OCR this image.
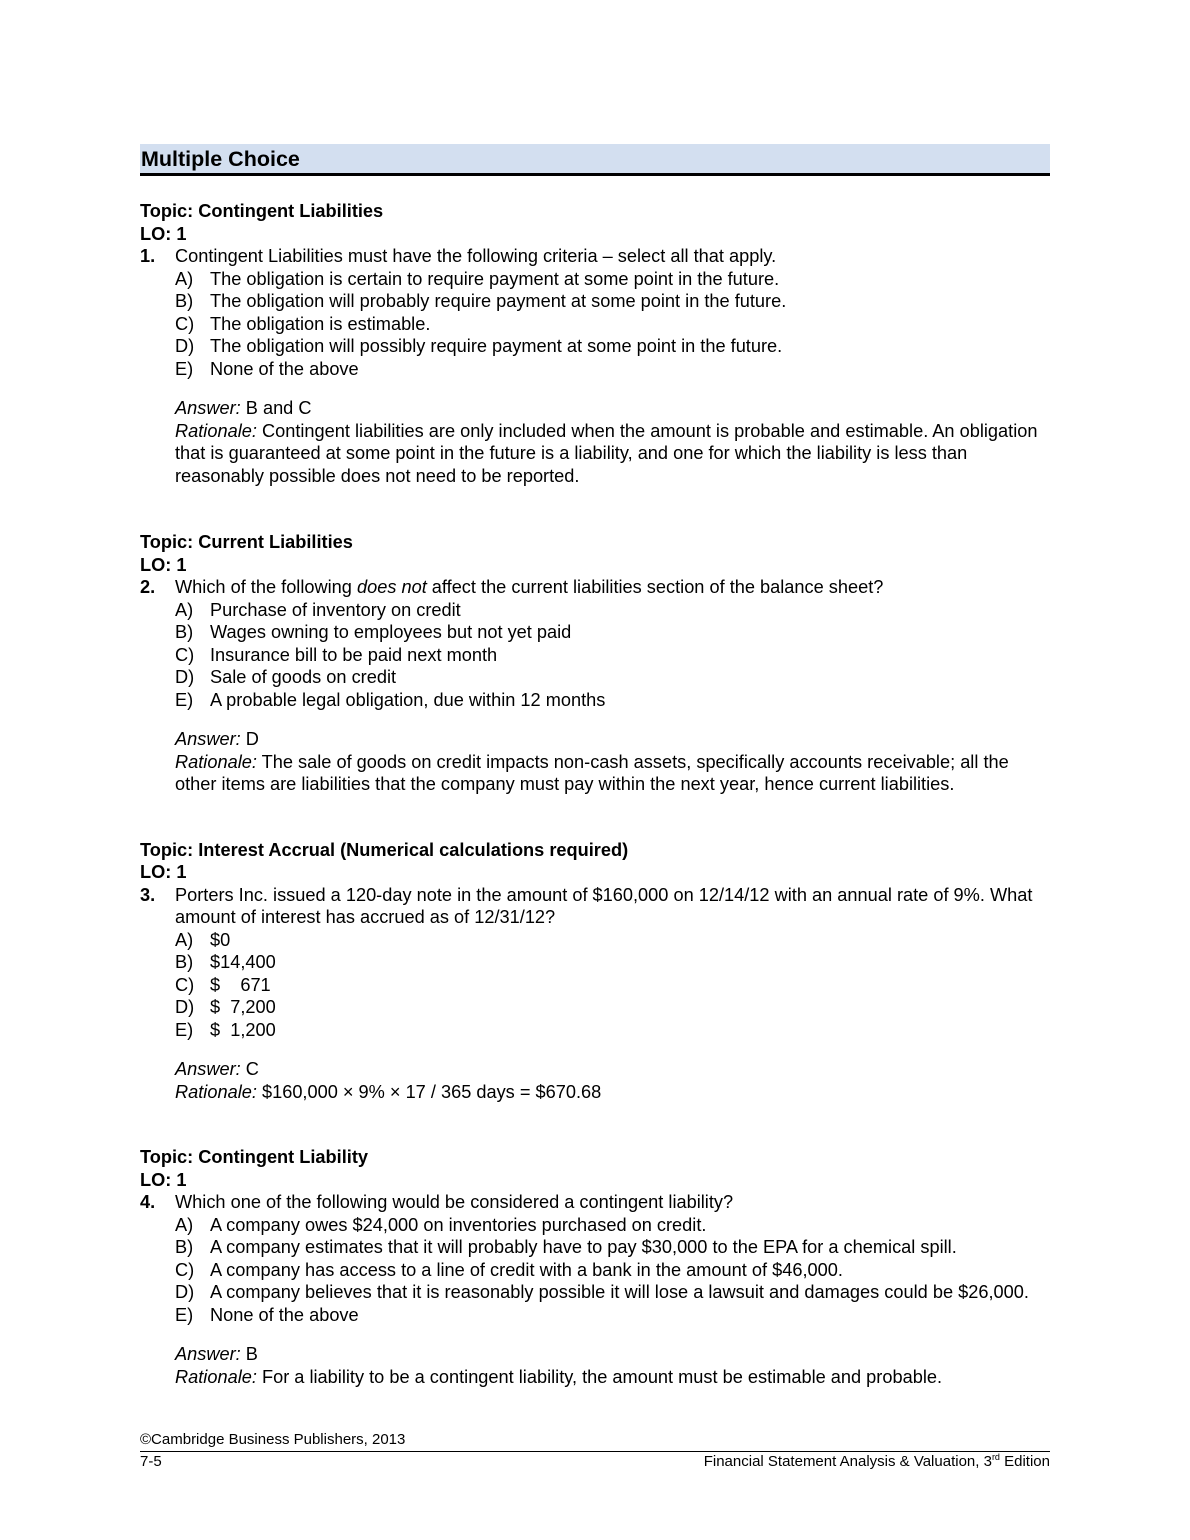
Multiple Choice
Topic: Contingent Liabilities
LO: 1
1.	Contingent Liabilities must have the following criteria – select all that apply.
A) The obligation is certain to require payment at some point in the future.
B) The obligation will probably require payment at some point in the future.
C) The obligation is estimable.
D) The obligation will possibly require payment at some point in the future.
E) None of the above
Answer: B and C
Rationale: Contingent liabilities are only included when the amount is probable and estimable. An obligation that is guaranteed at some point in the future is a liability, and one for which the liability is less than reasonably possible does not need to be reported.
Topic: Current Liabilities
LO: 1
2.	Which of the following does not affect the current liabilities section of the balance sheet?
A) Purchase of inventory on credit
B) Wages owning to employees but not yet paid
C) Insurance bill to be paid next month
D) Sale of goods on credit
E) A probable legal obligation, due within 12 months
Answer: D
Rationale: The sale of goods on credit impacts non-cash assets, specifically accounts receivable; all the other items are liabilities that the company must pay within the next year, hence current liabilities.
Topic: Interest Accrual (Numerical calculations required)
LO: 1
3.	Porters Inc. issued a 120-day note in the amount of $160,000 on 12/14/12 with an annual rate of 9%. What amount of interest has accrued as of 12/31/12?
A) $0
B) $14,400
C) $    671
D) $  7,200
E) $  1,200
Answer: C
Rationale: $160,000 × 9% × 17 / 365 days = $670.68
Topic: Contingent Liability
LO: 1
4.	Which one of the following would be considered a contingent liability?
A) A company owes $24,000 on inventories purchased on credit.
B) A company estimates that it will probably have to pay $30,000 to the EPA for a chemical spill.
C) A company has access to a line of credit with a bank in the amount of $46,000.
D) A company believes that it is reasonably possible it will lose a lawsuit and damages could be $26,000.
E) None of the above
Answer: B
Rationale: For a liability to be a contingent liability, the amount must be estimable and probable.
©Cambridge Business Publishers, 2013
7-5	Financial Statement Analysis & Valuation, 3rd Edition
